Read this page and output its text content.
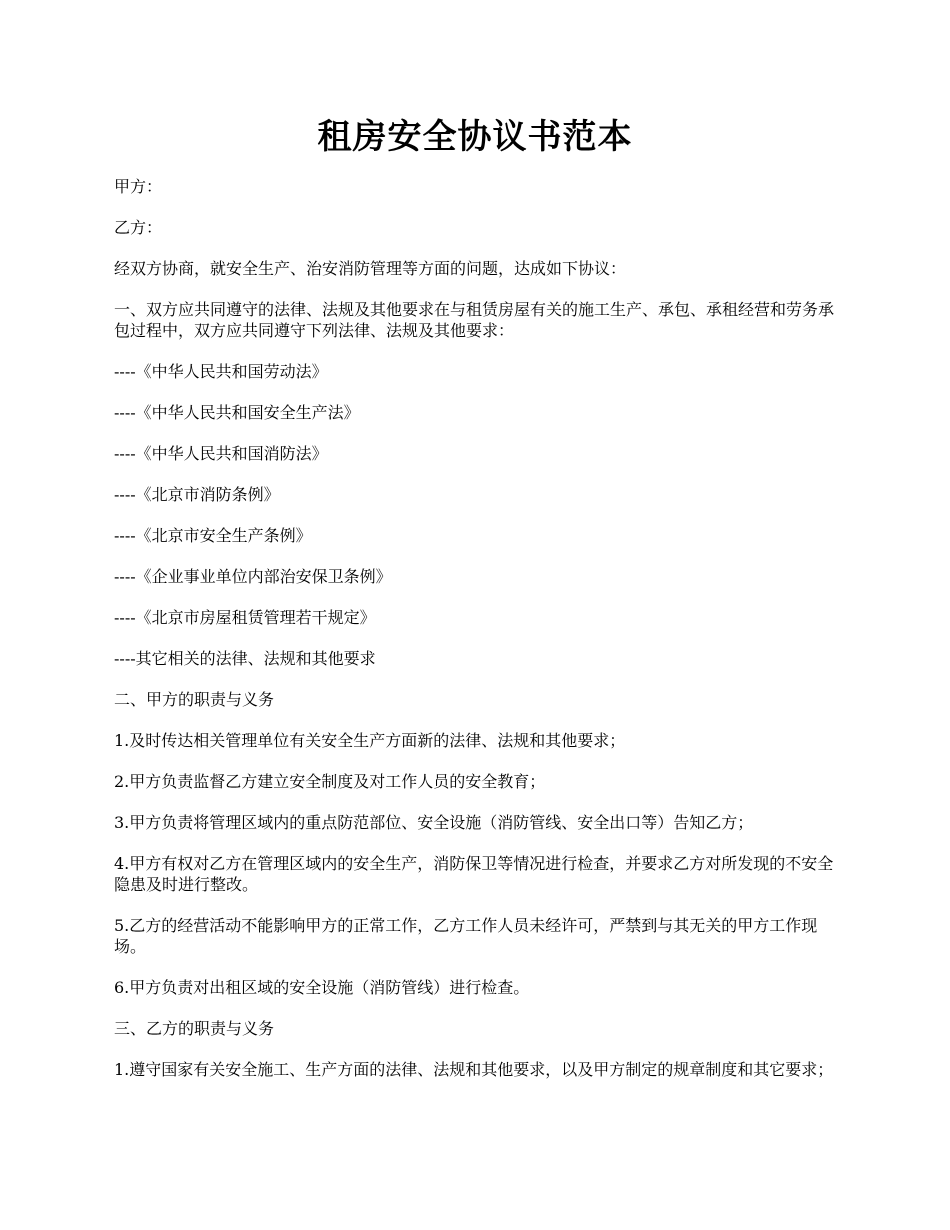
租房安全协议书范本

甲方：

乙方：

经双方协商，就安全生产、治安消防管理等方面的问题，达成如下协议：

一、双方应共同遵守的法律、法规及其他要求在与租赁房屋有关的施工生产、承包、承租经营和劳务承包过程中，双方应共同遵守下列法律、法规及其他要求：

----《中华人民共和国劳动法》

----《中华人民共和国安全生产法》

----《中华人民共和国消防法》

----《北京市消防条例》

----《北京市安全生产条例》

----《企业事业单位内部治安保卫条例》

----《北京市房屋租赁管理若干规定》

----其它相关的法律、法规和其他要求

二、甲方的职责与义务

1.及时传达相关管理单位有关安全生产方面新的法律、法规和其他要求；

2.甲方负责监督乙方建立安全制度及对工作人员的安全教育；

3.甲方负责将管理区域内的重点防范部位、安全设施（消防管线、安全出口等）告知乙方；

4.甲方有权对乙方在管理区域内的安全生产，消防保卫等情况进行检查，并要求乙方对所发现的不安全隐患及时进行整改。

5.乙方的经营活动不能影响甲方的正常工作，乙方工作人员未经许可，严禁到与其无关的甲方工作现场。

6.甲方负责对出租区域的安全设施（消防管线）进行检查。

三、乙方的职责与义务

1.遵守国家有关安全施工、生产方面的法律、法规和其他要求，以及甲方制定的规章制度和其它要求；
